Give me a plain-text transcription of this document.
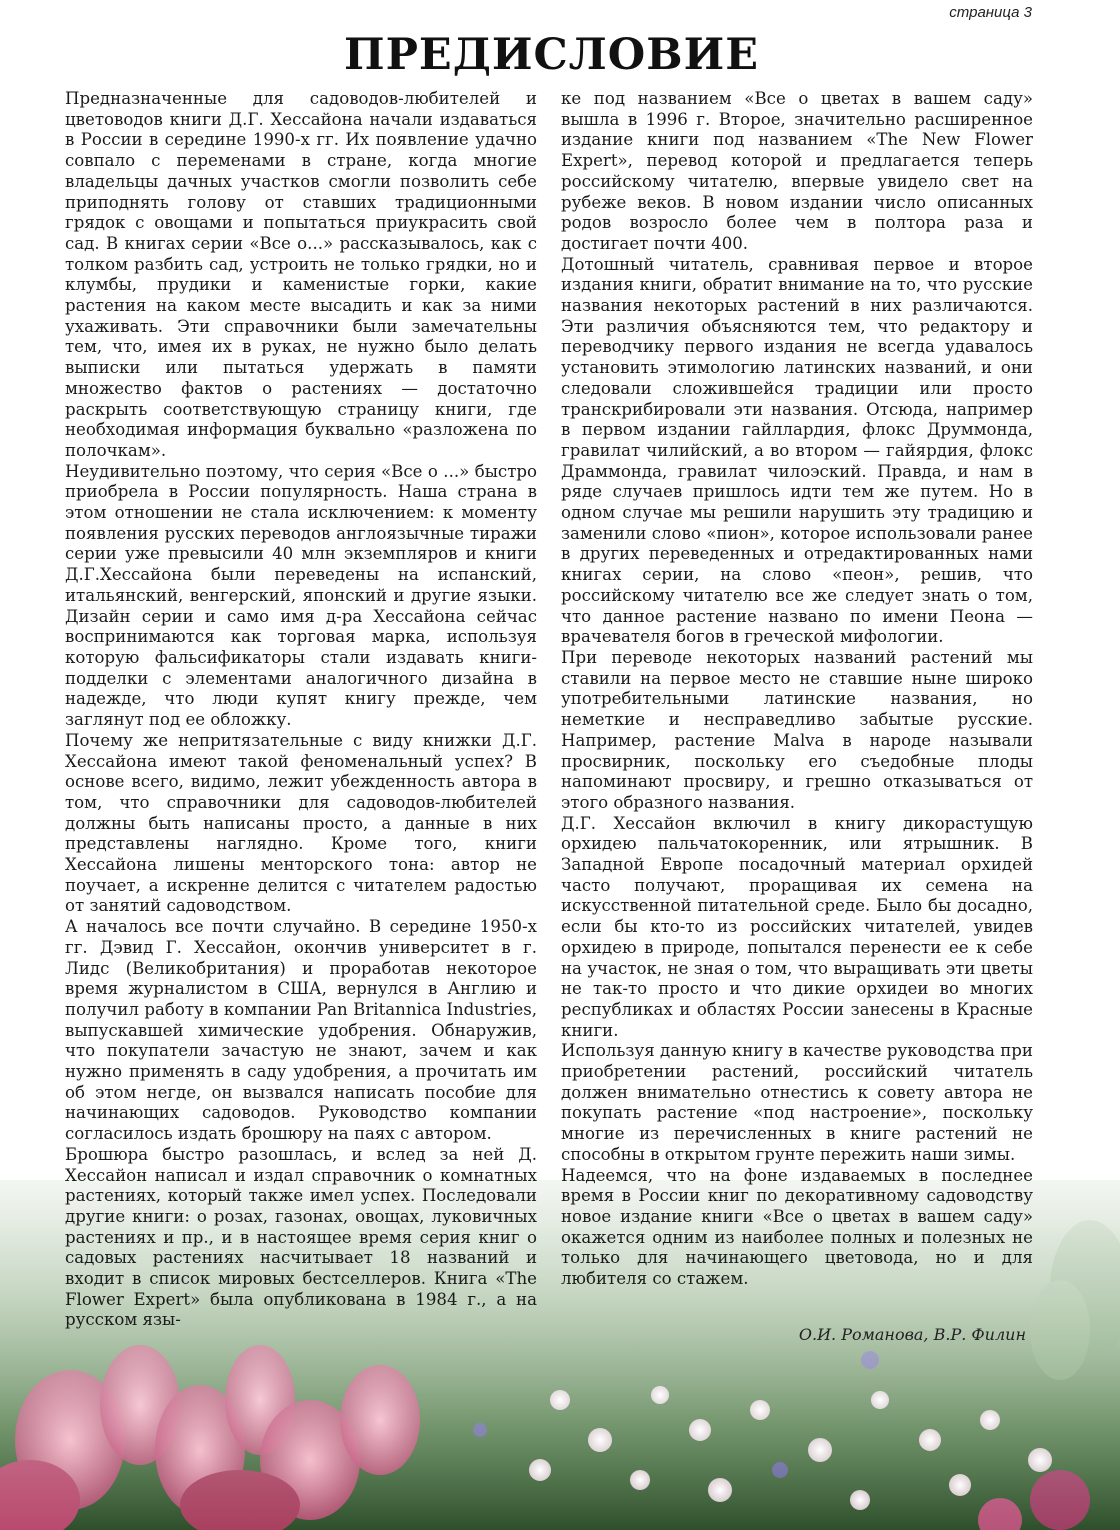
страница 3
ПРЕДИСЛОВИЕ

Предназначенные для садоводов-любителей и цветоводов книги Д.Г. Хессайона начали издаваться в России в середине 1990-х гг. Их появление удачно совпало с переменами в стране, когда многие владельцы дачных участков смогли позволить себе приподнять голову от ставших традиционными грядок с овощами и попытаться приукрасить свой сад. В книгах серии «Все о...» рассказывалось, как с толком разбить сад, устроить не только грядки, но и клумбы, прудики и каменистые горки, какие растения на каком месте высадить и как за ними ухаживать. Эти справочники были замечательны тем, что, имея их в руках, не нужно было делать выписки или пытаться удержать в памяти множество фактов о растениях — достаточно раскрыть соответствующую страницу книги, где необходимая информация буквально «разложена по полочкам».

Неудивительно поэтому, что серия «Все о ...» быстро приобрела в России популярность. Наша страна в этом отношении не стала исключением: к моменту появления русских переводов англоязычные тиражи серии уже превысили 40 млн экземпляров и книги Д.Г.Хессайона были переведены на испанский, итальянский, венгерский, японский и другие языки. Дизайн серии и само имя д-ра Хессайона сейчас воспринимаются как торговая марка, используя которую фальсификаторы стали издавать книги-подделки с элементами аналогичного дизайна в надежде, что люди купят книгу прежде, чем заглянут под ее обложку.

Почему же непритязательные с виду книжки Д.Г. Хессайона имеют такой феноменальный успех? В основе всего, видимо, лежит убежденность автора в том, что справочники для садоводов-любителей должны быть написаны просто, а данные в них представлены наглядно. Кроме того, книги Хессайона лишены менторского тона: автор не поучает, а искренне делится с читателем радостью от занятий садоводством.

А началось все почти случайно. В середине 1950-х гг. Дэвид Г. Хессайон, окончив университет в г. Лидс (Великобритания) и проработав некоторое время журналистом в США, вернулся в Англию и получил работу в компании Pan Britannica Industries, выпускавшей химические удобрения. Обнаружив, что покупатели зачастую не знают, зачем и как нужно применять в саду удобрения, а прочитать им об этом негде, он вызвался написать пособие для начинающих садоводов. Руководство компании согласилось издать брошюру на паях с автором.

Брошюра быстро разошлась, и вслед за ней Д. Хессайон написал и издал справочник о комнатных растениях, который также имел успех. Последовали другие книги: о розах, газонах, овощах, луковичных растениях и пр., и в настоящее время серия книг о садовых растениях насчитывает 18 названий и входит в список мировых бестселлеров. Книга «The Flower Expert» была опубликована в 1984 г., а на русском язы-

ке под названием «Все о цветах в вашем саду» вышла в 1996 г. Второе, значительно расширенное издание книги под названием «The New Flower Expert», перевод которой и предлагается теперь российскому читателю, впервые увидело свет на рубеже веков. В новом издании число описанных родов возросло более чем в полтора раза и достигает почти 400.

Дотошный читатель, сравнивая первое и второе издания книги, обратит внимание на то, что русские названия некоторых растений в них различаются. Эти различия объясняются тем, что редактору и переводчику первого издания не всегда удавалось установить этимологию латинских названий, и они следовали сложившейся традиции или просто транскрибировали эти названия. Отсюда, например в первом издании гайллардия, флокс Друммонда, гравилат чилийский, а во втором — гайярдия, флокс Драммонда, гравилат чилоэский. Правда, и нам в ряде случаев пришлось идти тем же путем. Но в одном случае мы решили нарушить эту традицию и заменили слово «пион», которое использовали ранее в других переведенных и отредактированных нами книгах серии, на слово «пеон», решив, что российскому читателю все же следует знать о том, что данное растение названо по имени Пеона — врачевателя богов в греческой мифологии.

При переводе некоторых названий растений мы ставили на первое место не ставшие ныне широко употребительными латинские названия, но неметкие и несправедливо забытые русские. Например, растение Malva в народе называли просвирник, поскольку его съедобные плоды напоминают просвиру, и грешно отказываться от этого образного названия.

Д.Г. Хессайон включил в книгу дикорастущую орхидею пальчатокоренник, или ятрышник. В Западной Европе посадочный материал орхидей часто получают, проращивая их семена на искусственной питательной среде. Было бы досадно, если бы кто-то из российских читателей, увидев орхидею в природе, попытался перенести ее к себе на участок, не зная о том, что выращивать эти цветы не так-то просто и что дикие орхидеи во многих республиках и областях России занесены в Красные книги.

Используя данную книгу в качестве руководства при приобретении растений, российский читатель должен внимательно отнестись к совету автора не покупать растение «под настроение», поскольку многие из перечисленных в книге растений не способны в открытом грунте пережить наши зимы.

Надеемся, что на фоне издаваемых в последнее время в России книг по декоративному садоводству новое издание книги «Все о цветах в вашем саду» окажется одним из наиболее полных и полезных не только для начинающего цветовода, но и для любителя со стажем.

О.И. Романова, В.Р. Филин
